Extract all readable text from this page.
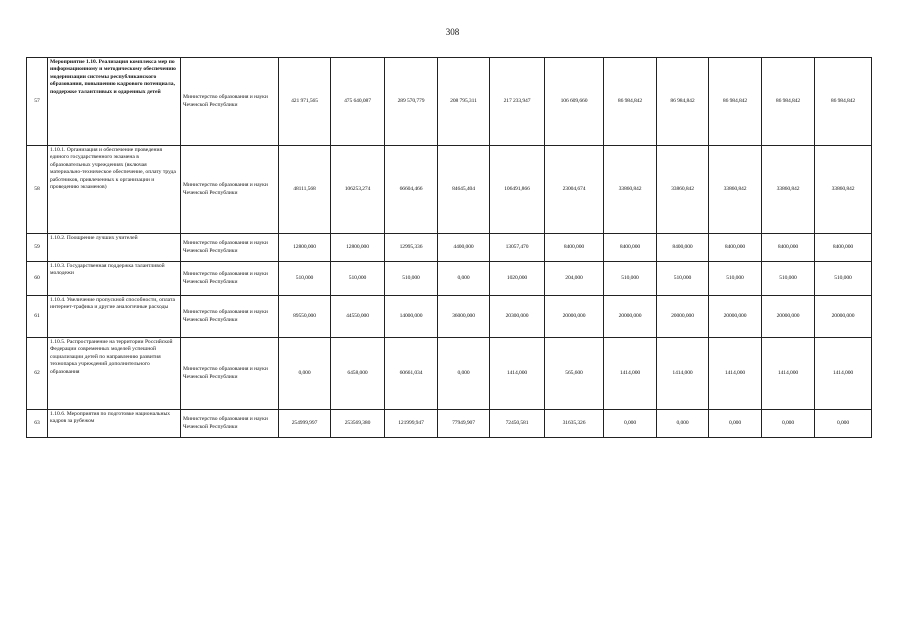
308
57	Мероприятие 1.10. Реализация комплекса мер по информационному и методическому обеспечению модернизации системы республиканского образования, повышению кадрового потенциала, поддержке талантливых и одаренных детей	Министерство образования и науки Чеченской Республики	421 971,565	475 640,087	289 570,779	208 795,311	217 233,947	106 609,660	86 984,842	86 984,842	86 984,842	86 984,842	86 984,842
58	1.10.1. Организация и обеспечение проведения единого государственного экзамена в образовательных учреждениях (включая материально-техническое обеспечение, оплату труда работников, привлеченных к организации и проведению экзаменов)	Министерство образования и науки Чеченской Республики	48111,568	106253,274	66604,466	84645,404	106491,866	23004,674	33860,842	33860,842	33860,842	33860,842	33860,842
59	1.10.2. Поощрение лучших учителей	Министерство образования и науки Чеченской Республики	12800,000	12800,000	12995,336	4400,000	13057,470	8400,000	8400,000	8400,000	8400,000	8400,000	8400,000
60	1.10.3. Государственная поддержка талантливой молодежи	Министерство образования и науки Чеченской Республики	510,000	510,000	510,000	0,000	1020,000	204,000	510,000	510,000	510,000	510,000	510,000
61	1.10.4. Увеличение пропускной способности, оплата интернет-трафика и другие аналогичные расходы	Министерство образования и науки Чеченской Республики	89550,000	44550,000	14000,000	36000,000	20300,000	20000,000	20000,000	20000,000	20000,000	20000,000	20000,000
62	1.10.5. Распространение на территории Российской Федерации современных моделей успешной социализации детей по направлению развития технопарка учреждений дополнительного образования	Министерство образования и науки Чеченской Республики	0,000	6458,000	60661,034	0,000	1414,000	565,600	1414,000	1414,000	1414,000	1414,000	1414,000
63	1.10.6. Мероприятия по подготовке национальных кадров за рубежом	Министерство образования и науки Чеченской Республики	254999,997	253569,380	121999,947	77949,907	72450,581	31635,326	0,000	0,000	0,000	0,000	0,000
